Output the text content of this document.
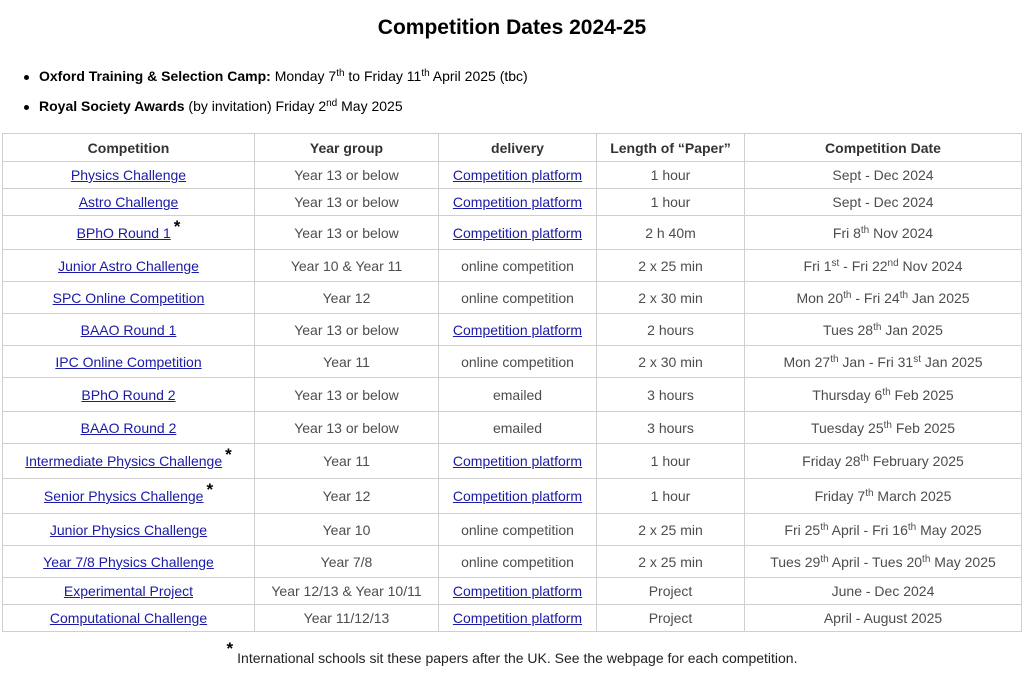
Competition Dates 2024-25
Oxford Training & Selection Camp: Monday 7th to Friday 11th April 2025 (tbc)
Royal Society Awards (by invitation) Friday 2nd May 2025
Competition	Year group	delivery	Length of “Paper”	Competition Date
Physics Challenge	Year 13 or below	Competition platform	1 hour	Sept - Dec 2024
Astro Challenge	Year 13 or below	Competition platform	1 hour	Sept - Dec 2024
BPhO Round 1 *	Year 13 or below	Competition platform	2 h 40m	Fri 8th Nov 2024
Junior Astro Challenge	Year 10 & Year 11	online competition	2 x 25 min	Fri 1st - Fri 22nd Nov 2024
SPC Online Competition	Year 12	online competition	2 x 30 min	Mon 20th - Fri 24th Jan 2025
BAAO Round 1	Year 13 or below	Competition platform	2 hours	Tues 28th Jan 2025
IPC Online Competition	Year 11	online competition	2 x 30 min	Mon 27th Jan - Fri 31st Jan 2025
BPhO Round 2	Year 13 or below	emailed	3 hours	Thursday 6th Feb 2025
BAAO Round 2	Year 13 or below	emailed	3 hours	Tuesday 25th Feb 2025
Intermediate Physics Challenge *	Year 11	Competition platform	1 hour	Friday 28th February 2025
Senior Physics Challenge *	Year 12	Competition platform	1 hour	Friday 7th March 2025
Junior Physics Challenge	Year 10	online competition	2 x 25 min	Fri 25th April - Fri 16th May 2025
Year 7/8 Physics Challenge	Year 7/8	online competition	2 x 25 min	Tues 29th April - Tues 20th May 2025
Experimental Project	Year 12/13 & Year 10/11	Competition platform	Project	June - Dec 2024
Computational Challenge	Year 11/12/13	Competition platform	Project	April - August 2025
* International schools sit these papers after the UK. See the webpage for each competition.
